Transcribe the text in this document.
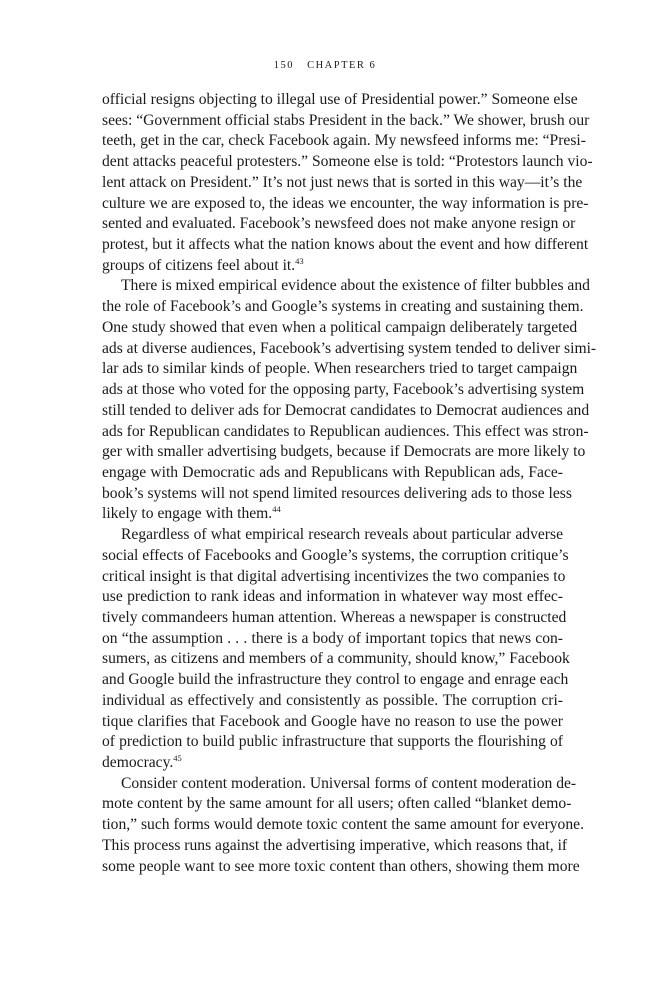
150 CHAPTER 6
official resigns objecting to illegal use of Presidential power.” Someone else
sees: “Government official stabs President in the back.” We shower, brush our
teeth, get in the car, check Facebook again. My newsfeed informs me: “Presi-
dent attacks peaceful protesters.” Someone else is told: “Protestors launch vio-
lent attack on President.” It’s not just news that is sorted in this way—it’s the
culture we are exposed to, the ideas we encounter, the way information is pre-
sented and evaluated. Facebook’s newsfeed does not make anyone resign or
protest, but it affects what the nation knows about the event and how different
groups of citizens feel about it.$^{43}$
There is mixed empirical evidence about the existence of filter bubbles and
the role of Facebook’s and Google’s systems in creating and sustaining them.
One study showed that even when a political campaign deliberately targeted
ads at diverse audiences, Facebook’s advertising system tended to deliver simi-
lar ads to similar kinds of people. When researchers tried to target campaign
ads at those who voted for the opposing party, Facebook’s advertising system
still tended to deliver ads for Democrat candidates to Democrat audiences and
ads for Republican candidates to Republican audiences. This effect was stron-
ger with smaller advertising budgets, because if Democrats are more likely to
engage with Democratic ads and Republicans with Republican ads, Face-
book’s systems will not spend limited resources delivering ads to those less
likely to engage with them.$^{44}$
Regardless of what empirical research reveals about particular adverse
social effects of Facebooks and Google’s systems, the corruption critique’s
critical insight is that digital advertising incentivizes the two companies to
use prediction to rank ideas and information in whatever way most effec-
tively commandeers human attention. Whereas a newspaper is constructed
on “the assumption . . . there is a body of important topics that news con-
sumers, as citizens and members of a community, should know,” Facebook
and Google build the infrastructure they control to engage and enrage each
individual as effectively and consistently as possible. The corruption cri-
tique clarifies that Facebook and Google have no reason to use the power
of prediction to build public infrastructure that supports the flourishing of
democracy.$^{45}$
Consider content moderation. Universal forms of content moderation de-
mote content by the same amount for all users; often called “blanket demo-
tion,” such forms would demote toxic content the same amount for everyone.
This process runs against the advertising imperative, which reasons that, if
some people want to see more toxic content than others, showing them more
